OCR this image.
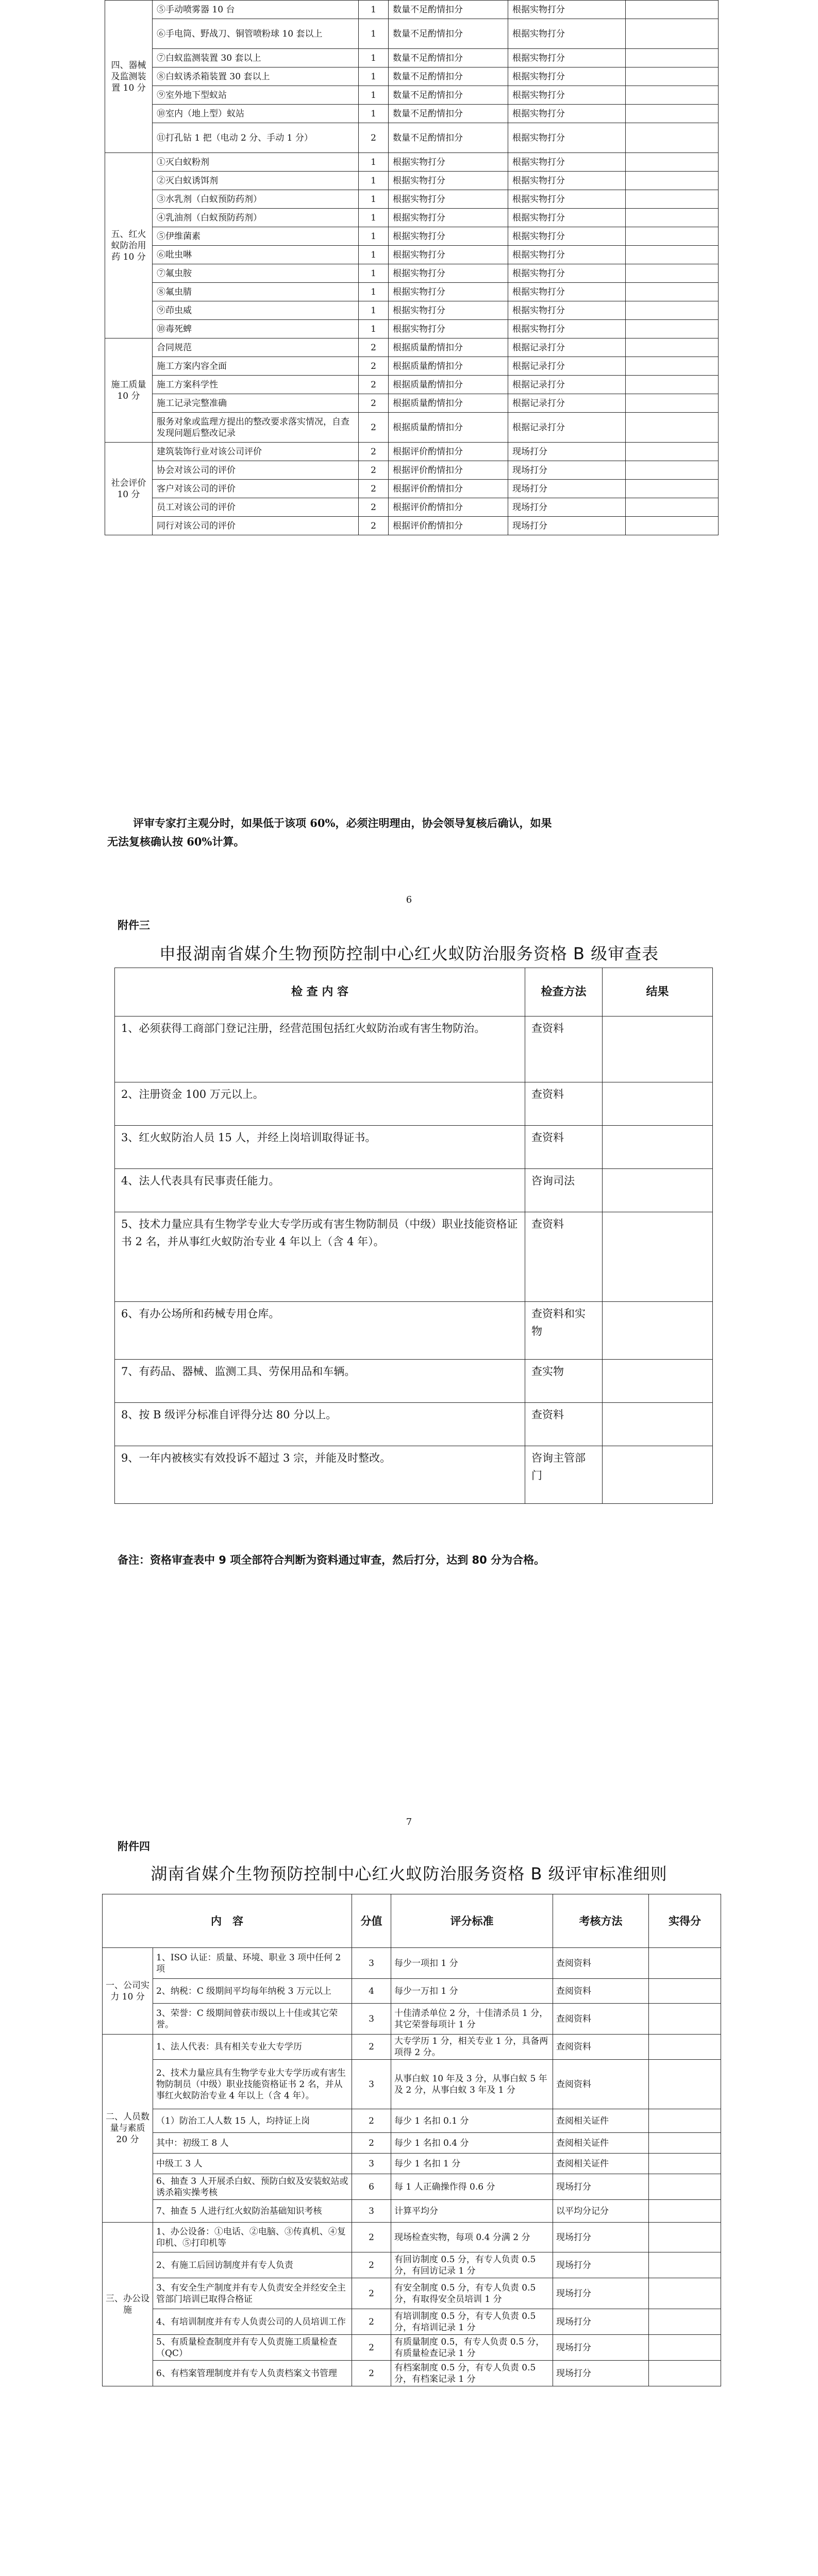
四、器械及监测装置 10 分	⑤手动喷雾器 10 台	1	数量不足酌情扣分	根据实物打分	
	⑥手电筒、野战刀、铜管喷粉球 10 套以上	1	数量不足酌情扣分	根据实物打分	
	⑦白蚁监测装置 30 套以上	1	数量不足酌情扣分	根据实物打分	
	⑧白蚁诱杀箱装置 30 套以上	1	数量不足酌情扣分	根据实物打分	
	⑨室外地下型蚁站	1	数量不足酌情扣分	根据实物打分	
	⑩室内（地上型）蚁站	1	数量不足酌情扣分	根据实物打分	
	⑪打孔钻 1 把（电动 2 分、手动 1 分）	2	数量不足酌情扣分	根据实物打分	
五、红火蚁防治用药 10 分	①灭白蚁粉剂	1	根据实物打分	根据实物打分	
	②灭白蚁诱饵剂	1	根据实物打分	根据实物打分	
	③水乳剂（白蚁预防药剂）	1	根据实物打分	根据实物打分	
	④乳油剂（白蚁预防药剂）	1	根据实物打分	根据实物打分	
	⑤伊维菌素	1	根据实物打分	根据实物打分	
	⑥吡虫啉	1	根据实物打分	根据实物打分	
	⑦氟虫胺	1	根据实物打分	根据实物打分	
	⑧氟虫腈	1	根据实物打分	根据实物打分	
	⑨茚虫威	1	根据实物打分	根据实物打分	
	⑩毒死蜱	1	根据实物打分	根据实物打分	
施工质量 10 分	合同规范	2	根据质量酌情扣分	根据记录打分	
	施工方案内容全面	2	根据质量酌情扣分	根据记录打分	
	施工方案科学性	2	根据质量酌情扣分	根据记录打分	
	施工记录完整准确	2	根据质量酌情扣分	根据记录打分	
	服务对象或监理方提出的整改要求落实情况，自查发现问题后整改记录	2	根据质量酌情扣分	根据记录打分	
社会评价 10 分	建筑装饰行业对该公司评价	2	根据评价酌情扣分	现场打分	
	协会对该公司的评价	2	根据评价酌情扣分	现场打分	
	客户对该公司的评价	2	根据评价酌情扣分	现场打分	
	员工对该公司的评价	2	根据评价酌情扣分	现场打分	
	同行对该公司的评价	2	根据评价酌情扣分	现场打分	
评审专家打主观分时，如果低于该项 60%，必须注明理由，协会领导复核后确认，如果
无法复核确认按 60%计算。
6
附件三
申报湖南省媒介生物预防控制中心红火蚁防治服务资格 B 级审查表
检 查 内 容	检查方法	结果
1、必须获得工商部门登记注册，经营范围包括红火蚁防治或有害生物防治。	查资料	
2、注册资金 100 万元以上。	查资料	
3、红火蚁防治人员 15 人，并经上岗培训取得证书。	查资料	
4、法人代表具有民事责任能力。	咨询司法	
5、技术力量应具有生物学专业大专学历或有害生物防制员（中级）职业技能资格证书 2 名，并从事红火蚁防治专业 4 年以上（含 4 年）。	查资料	
6、有办公场所和药械专用仓库。	查资料和实物	
7、有药品、器械、监测工具、劳保用品和车辆。	查实物	
8、按 B 级评分标准自评得分达 80 分以上。	查资料	
9、一年内被核实有效投诉不超过 3 宗，并能及时整改。	咨询主管部门	
备注：资格审查表中 9 项全部符合判断为资料通过审查，然后打分，达到 80 分为合格。
7
附件四
湖南省媒介生物预防控制中心红火蚁防治服务资格 B 级评审标准细则
内　容		分值	评分标准	考核方法	实得分
一、公司实力 10 分	1、ISO 认证：质量、环境、职业 3 项中任何 2 项	3	每少一项扣 1 分	查阅资料	
	2、纳税：C 级期间平均每年纳税 3 万元以上	4	每少一万扣 1 分	查阅资料	
	3、荣誉：C 级期间曾获市级以上十佳或其它荣誉。	3	十佳清杀单位 2 分，十佳清杀员 1 分，其它荣誉每项计 1 分	查阅资料	
二、人员数量与素质 20 分	1、法人代表：具有相关专业大专学历	2	大专学历 1 分，相关专业 1 分，具备两项得 2 分。	查阅资料	
	2、技术力量应具有生物学专业大专学历或有害生物防制员（中级）职业技能资格证书 2 名，并从事红火蚁防治专业 4 年以上（含 4 年）。	3	从事白蚁 10 年及 3 分，从事白蚁 5 年及 2 分，从事白蚁 3 年及 1 分	查阅资料	
	（1）防治工人人数 15 人，均持证上岗	2	每少 1 名扣 0.1 分	查阅相关证件	
	其中：初级工 8 人	2	每少 1 名扣 0.4 分	查阅相关证件	
	中级工 3 人	3	每少 1 名扣 1 分	查阅相关证件	
	6、抽查 3 人开展杀白蚁、预防白蚁及安装蚁站或诱杀箱实操考核	6	每 1 人正确操作得 0.6 分	现场打分	
	7、抽查 5 人进行红火蚁防治基础知识考核	3	计算平均分	以平均分记分	
三、办公设施	1、办公设备：①电话、②电脑、③传真机、④复印机、⑤打印机等	2	现场检查实物，每项 0.4 分满 2 分	现场打分	
	2、有施工后回访制度并有专人负责	2	有回访制度 0.5 分，有专人负责 0.5 分，有回访记录 1 分	现场打分	
	3、有安全生产制度并有专人负责安全并经安全主管部门培训已取得合格证	2	有安全制度 0.5 分，有专人负责 0.5 分，有取得安全员培训 1 分	现场打分	
	4、有培训制度并有专人负责公司的人员培训工作	2	有培训制度 0.5 分，有专人负责 0.5 分，有培训记录 1 分	现场打分	
	5、有质量检查制度并有专人负责施工质量检查（QC）	2	有质量制度 0.5，有专人负责 0.5 分，有质量检查记录 1 分	现场打分	
	6、有档案管理制度并有专人负责档案文书管理	2	有档案制度 0.5 分，有专人负责 0.5 分，有档案记录 1 分	现场打分	
